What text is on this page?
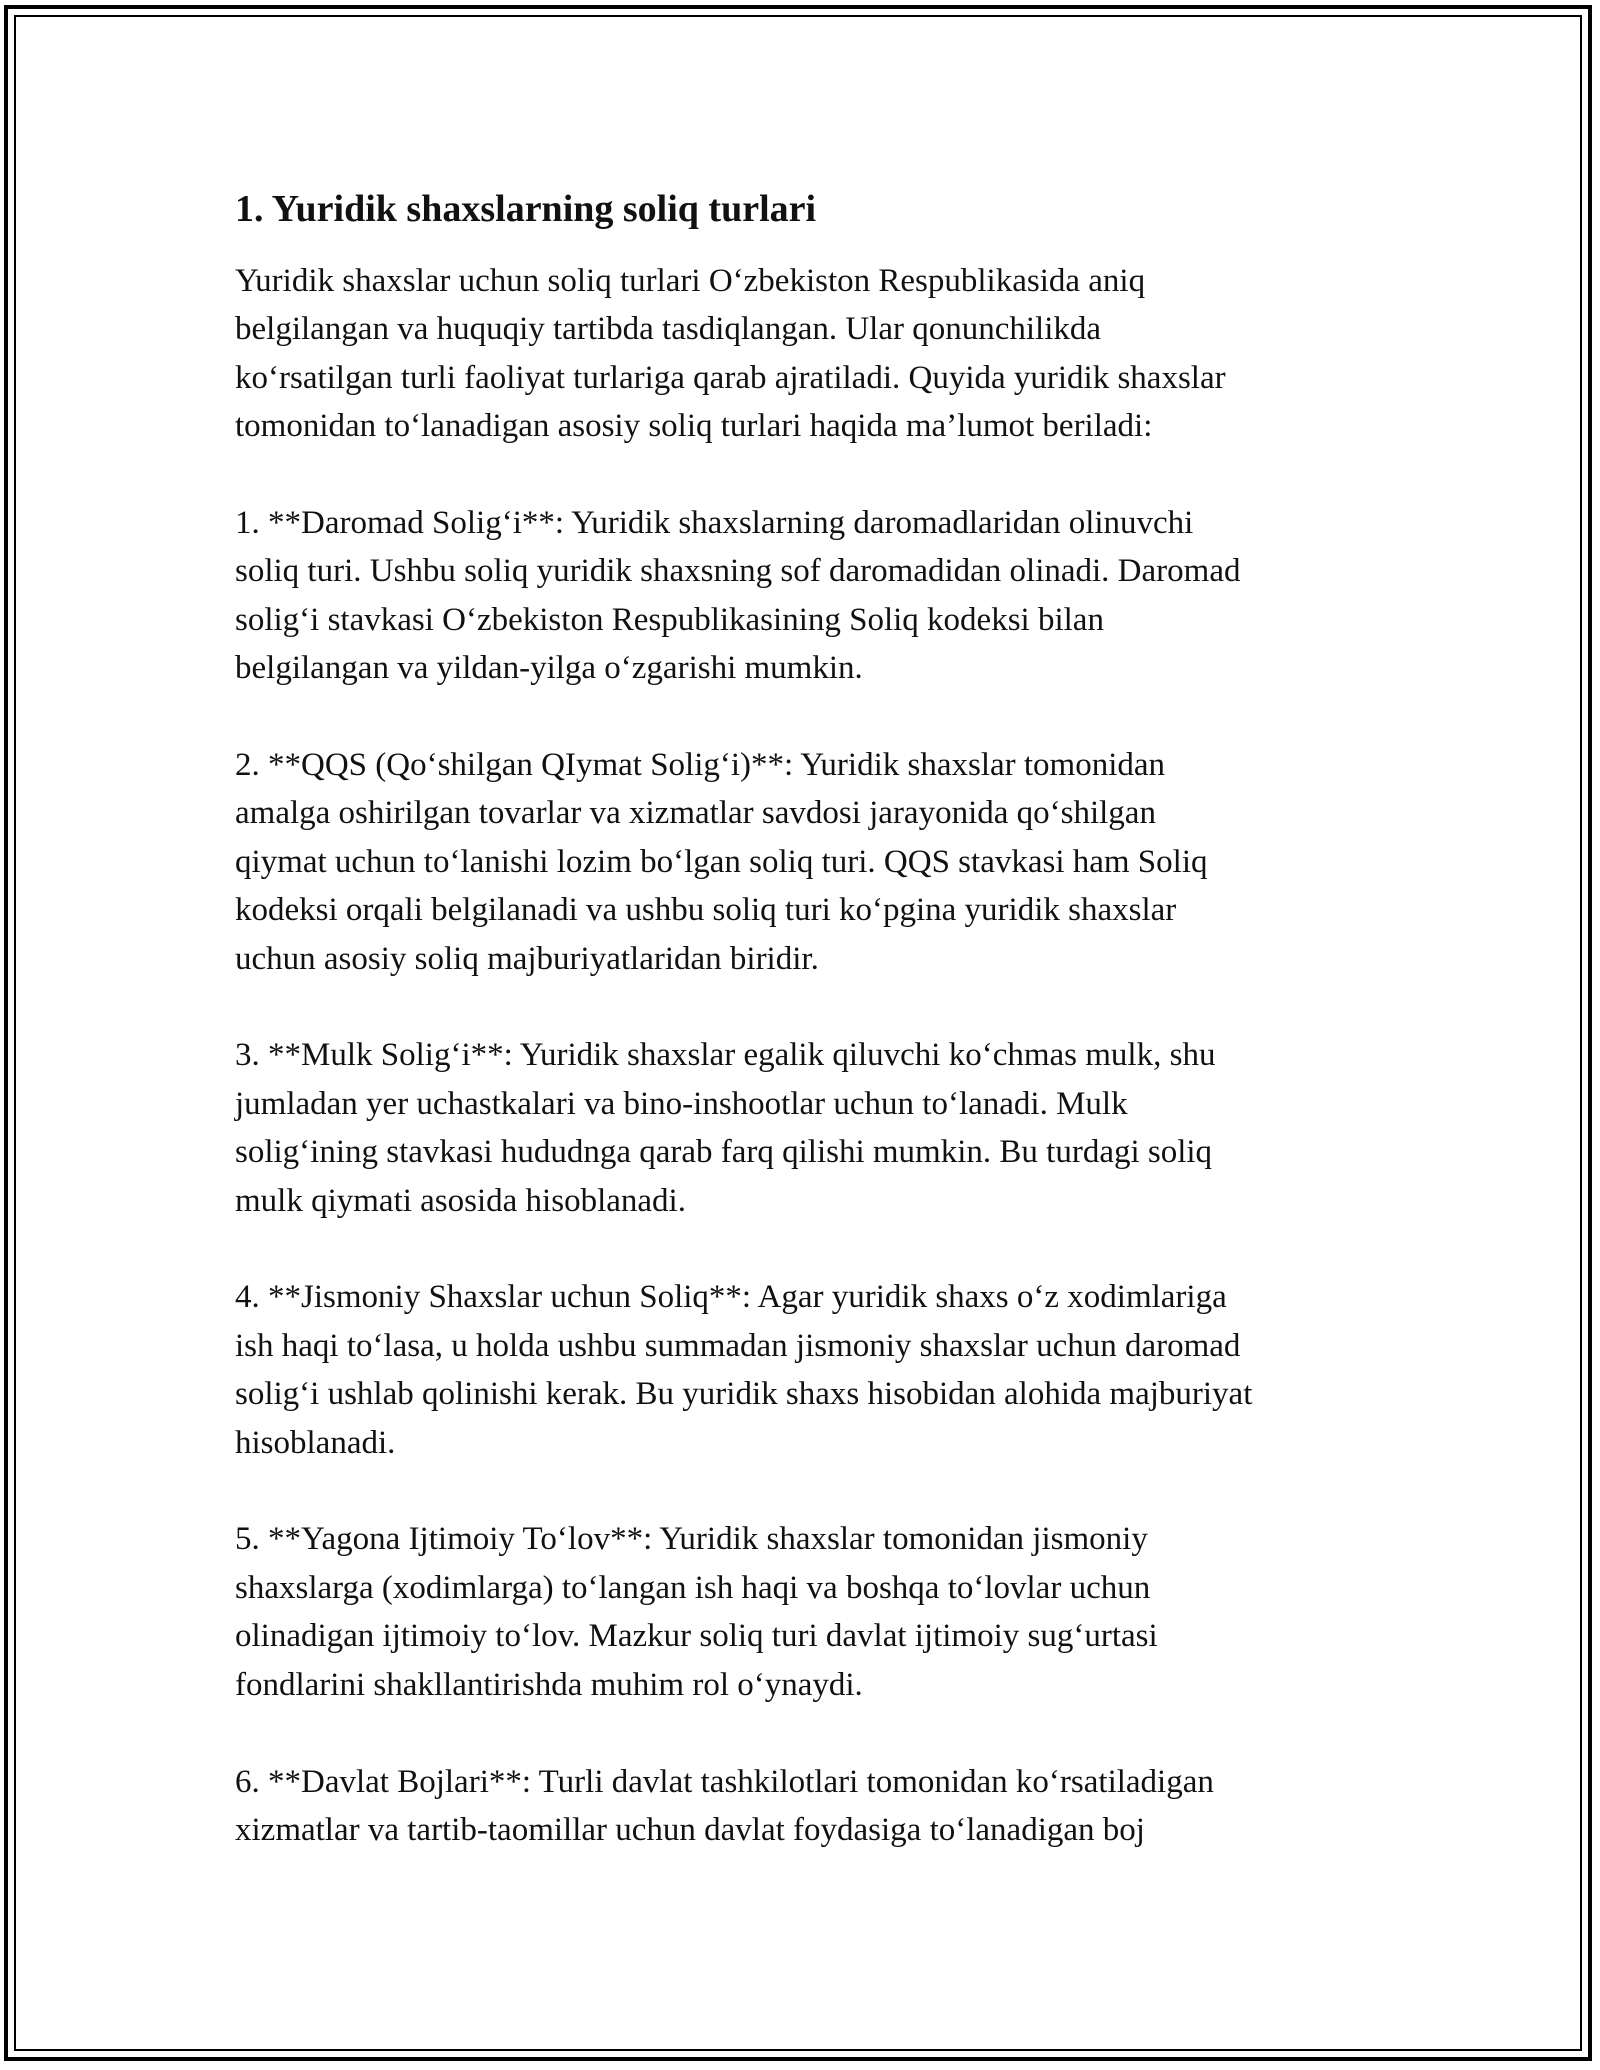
1. Yuridik shaxslarning soliq turlari

Yuridik shaxslar uchun soliq turlari O‘zbekiston Respublikasida aniq
belgilangan va huquqiy tartibda tasdiqlangan. Ular qonunchilikda
ko‘rsatilgan turli faoliyat turlariga qarab ajratiladi. Quyida yuridik shaxslar
tomonidan to‘lanadigan asosiy soliq turlari haqida ma’lumot beriladi:

1. **Daromad Solig‘i**: Yuridik shaxslarning daromadlaridan olinuvchi
soliq turi. Ushbu soliq yuridik shaxsning sof daromadidan olinadi. Daromad
solig‘i stavkasi O‘zbekiston Respublikasining Soliq kodeksi bilan
belgilangan va yildan-yilga o‘zgarishi mumkin.

2. **QQS (Qo‘shilgan QIymat Solig‘i)**: Yuridik shaxslar tomonidan
amalga oshirilgan tovarlar va xizmatlar savdosi jarayonida qo‘shilgan
qiymat uchun to‘lanishi lozim bo‘lgan soliq turi. QQS stavkasi ham Soliq
kodeksi orqali belgilanadi va ushbu soliq turi ko‘pgina yuridik shaxslar
uchun asosiy soliq majburiyatlaridan biridir.

3. **Mulk Solig‘i**: Yuridik shaxslar egalik qiluvchi ko‘chmas mulk, shu
jumladan yer uchastkalari va bino-inshootlar uchun to‘lanadi. Mulk
solig‘ining stavkasi hududnga qarab farq qilishi mumkin. Bu turdagi soliq
mulk qiymati asosida hisoblanadi.

4. **Jismoniy Shaxslar uchun Soliq**: Agar yuridik shaxs o‘z xodimlariga
ish haqi to‘lasa, u holda ushbu summadan jismoniy shaxslar uchun daromad
solig‘i ushlab qolinishi kerak. Bu yuridik shaxs hisobidan alohida majburiyat
hisoblanadi.

5. **Yagona Ijtimoiy To‘lov**: Yuridik shaxslar tomonidan jismoniy
shaxslarga (xodimlarga) to‘langan ish haqi va boshqa to‘lovlar uchun
olinadigan ijtimoiy to‘lov. Mazkur soliq turi davlat ijtimoiy sug‘urtasi
fondlarini shakllantirishda muhim rol o‘ynaydi.

6. **Davlat Bojlari**: Turli davlat tashkilotlari tomonidan ko‘rsatiladigan
xizmatlar va tartib-taomillar uchun davlat foydasiga to‘lanadigan boj
